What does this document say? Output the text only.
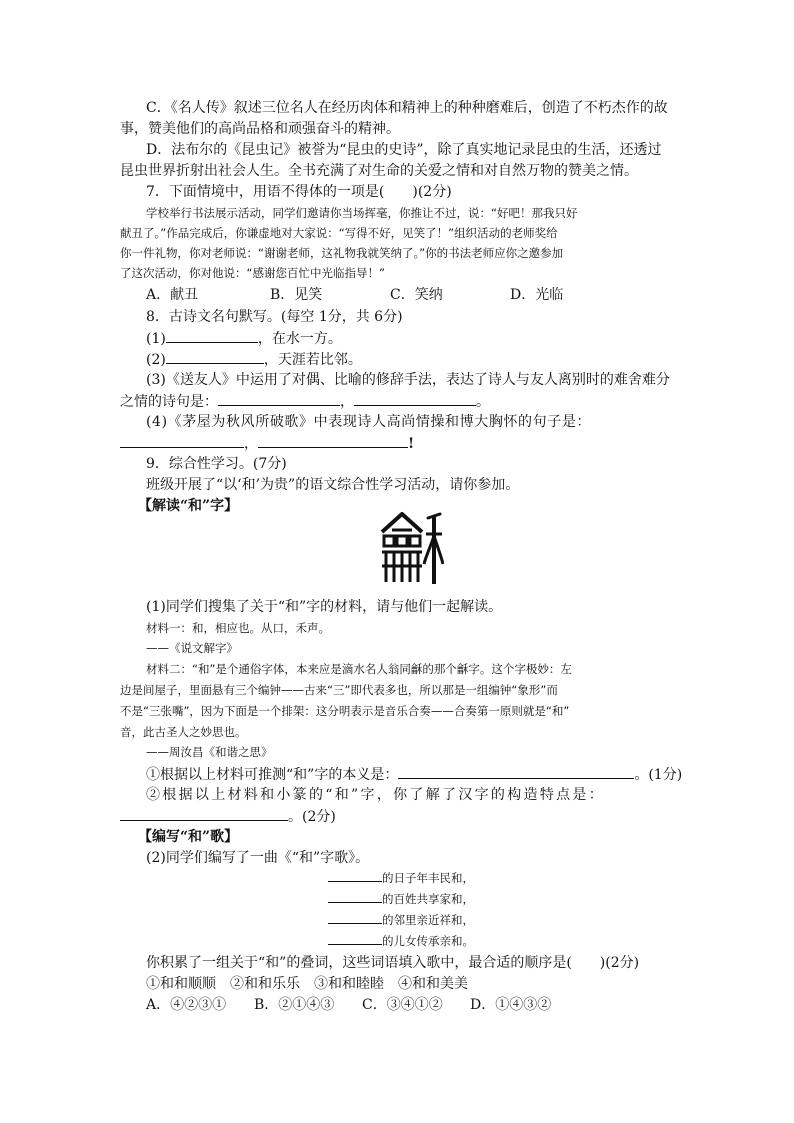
C．《名人传》叙述三位名人在经历肉体和精神上的种种磨难后，创造了不朽杰作的故
事，赞美他们的高尚品格和顽强奋斗的精神。
D．法布尔的《昆虫记》被誉为“昆虫的史诗”，除了真实地记录昆虫的生活，还透过
昆虫世界折射出社会人生。全书充满了对生命的关爱之情和对自然万物的赞美之情。
7．下面情境中，用语不得体的一项是(　　)(2分)
学校举行书法展示活动，同学们邀请你当场挥毫，你推让不过，说：“好吧！那我只好
献丑了。”作品完成后，你谦虚地对大家说：“写得不好，见笑了！”组织活动的老师奖给
你一件礼物，你对老师说：“谢谢老师，这礼物我就笑纳了。”你的书法老师应你之邀参加
了这次活动，你对他说：“感谢您百忙中光临指导！”
A．献丑	B．见笑	C．笑纳	D．光临
8．古诗文名句默写。(每空 1分，共 6分)
(1)	，在水一方。
(2)	，天涯若比邻。
(3)《送友人》中运用了对偶、比喻的修辞手法，表达了诗人与友人离别时的难舍难分
之情的诗句是：	，	。
(4)《茅屋为秋风所破歌》中表现诗人高尚情操和博大胸怀的句子是：
，	!
9．综合性学习。(7分)
班级开展了“以‘和’为贵”的语文综合性学习活动，请你参加。
【解读“和”字】
(1)同学们搜集了关于“和”字的材料，请与他们一起解读。
材料一：和，相应也。从口，禾声。
——《说文解字》
材料二：“和”是个通俗字体，本来应是滴水名人翁同龢的那个龢字。这个字极妙：左
边是间屋子，里面悬有三个编钟——古来“三”即代表多也，所以那是一组编钟“象形”而
不是“三张嘴”，因为下面是一个排架：这分明表示是音乐合奏——合奏第一原则就是“和”
音，此古圣人之妙思也。
——周汝昌《和谐之思》
①根据以上材料可推测“和”字的本义是：	。(1分)
②根据以上材料和小篆的“和”字，你了解了汉字的构造特点是：
。(2分)
【编写“和”歌】
(2)同学们编写了一曲《“和”字歌》。
的日子年丰民和，
的百姓共享家和，
的邻里亲近祥和，
的儿女传承亲和。
你积累了一组关于“和”的叠词，这些词语填入歌中，最合适的顺序是(　　)(2分)
①和和顺顺　②和和乐乐　③和和睦睦　④和和美美
A．④②③① B．②①④③ C．③④①② D．①④③②
